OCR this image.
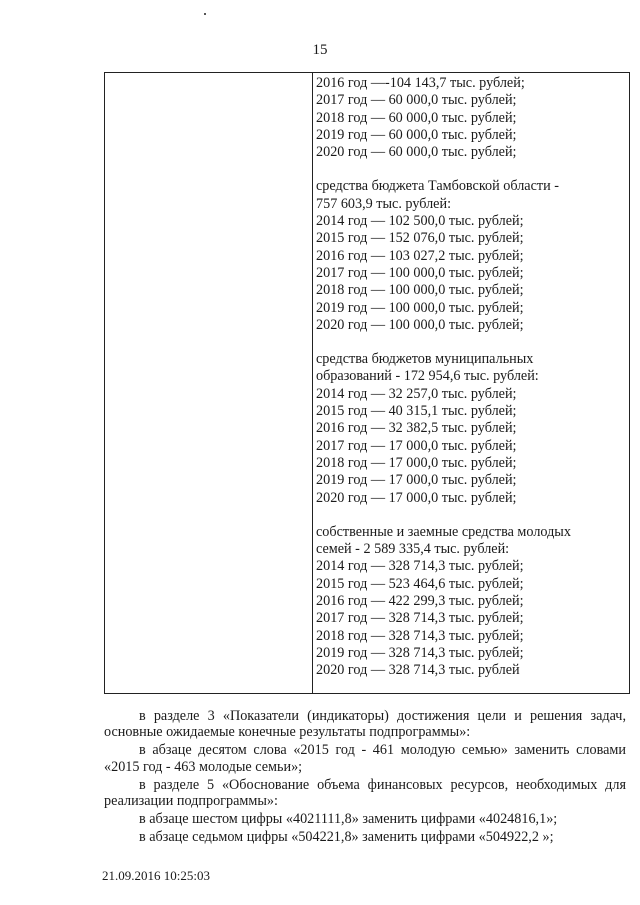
15
2016 год —-104 143,7 тыс. рублей;
2017 год — 60 000,0 тыс. рублей;
2018 год — 60 000,0 тыс. рублей;
2019 год — 60 000,0 тыс. рублей;
2020 год — 60 000,0 тыс. рублей;
средства бюджета Тамбовской области -
757 603,9 тыс. рублей:
2014 год — 102 500,0 тыс. рублей;
2015 год — 152 076,0 тыс. рублей;
2016 год — 103 027,2 тыс. рублей;
2017 год — 100 000,0 тыс. рублей;
2018 год — 100 000,0 тыс. рублей;
2019 год — 100 000,0 тыс. рублей;
2020 год — 100 000,0 тыс. рублей;
средства бюджетов муниципальных
образований - 172 954,6 тыс. рублей:
2014 год — 32 257,0 тыс. рублей;
2015 год — 40 315,1 тыс. рублей;
2016 год — 32 382,5 тыс. рублей;
2017 год — 17 000,0 тыс. рублей;
2018 год — 17 000,0 тыс. рублей;
2019 год — 17 000,0 тыс. рублей;
2020 год — 17 000,0 тыс. рублей;
собственные и заемные средства молодых
семей - 2 589 335,4 тыс. рублей:
2014 год — 328 714,3 тыс. рублей;
2015 год — 523 464,6 тыс. рублей;
2016 год — 422 299,3 тыс. рублей;
2017 год — 328 714,3 тыс. рублей;
2018 год — 328 714,3 тыс. рублей;
2019 год — 328 714,3 тыс. рублей;
2020 год — 328 714,3 тыс. рублей

в разделе 3 «Показатели (индикаторы) достижения цели и решения задач, основные ожидаемые конечные результаты подпрограммы»:

в абзаце десятом слова «2015 год - 461 молодую семью» заменить словами «2015 год - 463 молодые семьи»;

в разделе 5 «Обоснование объема финансовых ресурсов, необходимых для реализации подпрограммы»:

в абзаце шестом цифры «4021111,8» заменить цифрами «4024816,1»;

в абзаце седьмом цифры «504221,8» заменить цифрами «504922,2 »;

21.09.2016 10:25:03
